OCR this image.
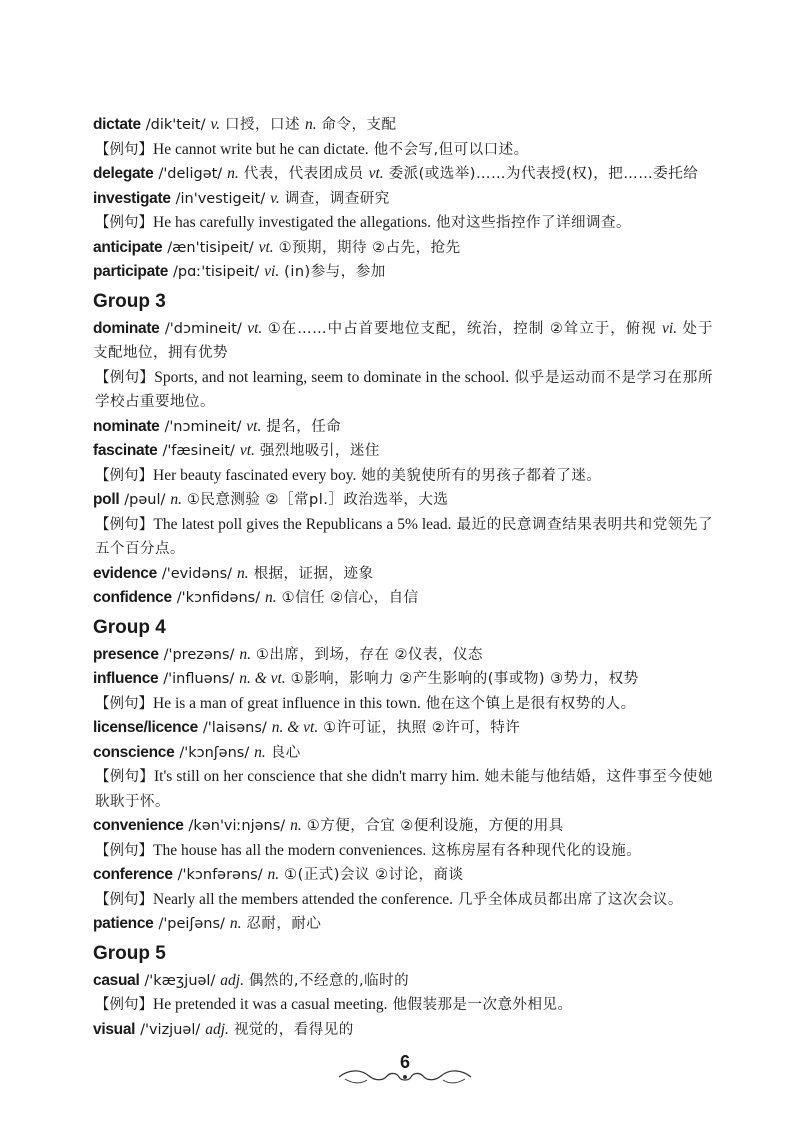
dictate /dik'teit/ v. 口授，口述 n. 命令，支配
【例句】He cannot write but he can dictate. 他不会写,但可以口述。
delegate /'deligət/ n. 代表，代表团成员 vt. 委派(或选举)……为代表授(权)，把……委托给
investigate /in'vestigeit/ v. 调查，调查研究
【例句】He has carefully investigated the allegations. 他对这些指控作了详细调查。
anticipate /æn'tisipeit/ vt. ①预期，期待 ②占先，抢先
participate /pɑː'tisipeit/ vi. (in)参与，参加
Group 3
dominate /'dɔmineit/ vt. ①在……中占首要地位支配，统治，控制 ②耸立于，俯视 vi. 处于支配地位，拥有优势
【例句】Sports, and not learning, seem to dominate in the school. 似乎是运动而不是学习在那所学校占重要地位。
nominate /'nɔmineit/ vt. 提名，任命
fascinate /'fæsineit/ vt. 强烈地吸引，迷住
【例句】Her beauty fascinated every boy. 她的美貌使所有的男孩子都着了迷。
poll /pəul/ n. ①民意测验 ②［常pl.］政治选举，大选
【例句】The latest poll gives the Republicans a 5% lead. 最近的民意调查结果表明共和党领先了五个百分点。
evidence /'evidəns/ n. 根据，证据，迹象
confidence /'kɔnfidəns/ n. ①信任 ②信心，自信
Group 4
presence /'prezəns/ n. ①出席，到场，存在 ②仪表，仪态
influence /'influəns/ n. & vt. ①影响，影响力 ②产生影响的(事或物) ③势力，权势
【例句】He is a man of great influence in this town. 他在这个镇上是很有权势的人。
license/licence /'laisəns/ n. & vt. ①许可证，执照 ②许可，特许
conscience /'kɔnʃəns/ n. 良心
【例句】It's still on her conscience that she didn't marry him. 她未能与他结婚，这件事至今使她耿耿于怀。
convenience /kən'viːnjəns/ n. ①方便，合宜 ②便利设施，方便的用具
【例句】The house has all the modern conveniences. 这栋房屋有各种现代化的设施。
conference /'kɔnfərəns/ n. ①(正式)会议 ②讨论，商谈
【例句】Nearly all the members attended the conference. 几乎全体成员都出席了这次会议。
patience /'peiʃəns/ n. 忍耐，耐心
Group 5
casual /'kæʒjuəl/ adj. 偶然的,不经意的,临时的
【例句】He pretended it was a casual meeting. 他假装那是一次意外相见。
visual /'vizjuəl/ adj. 视觉的，看得见的
6
